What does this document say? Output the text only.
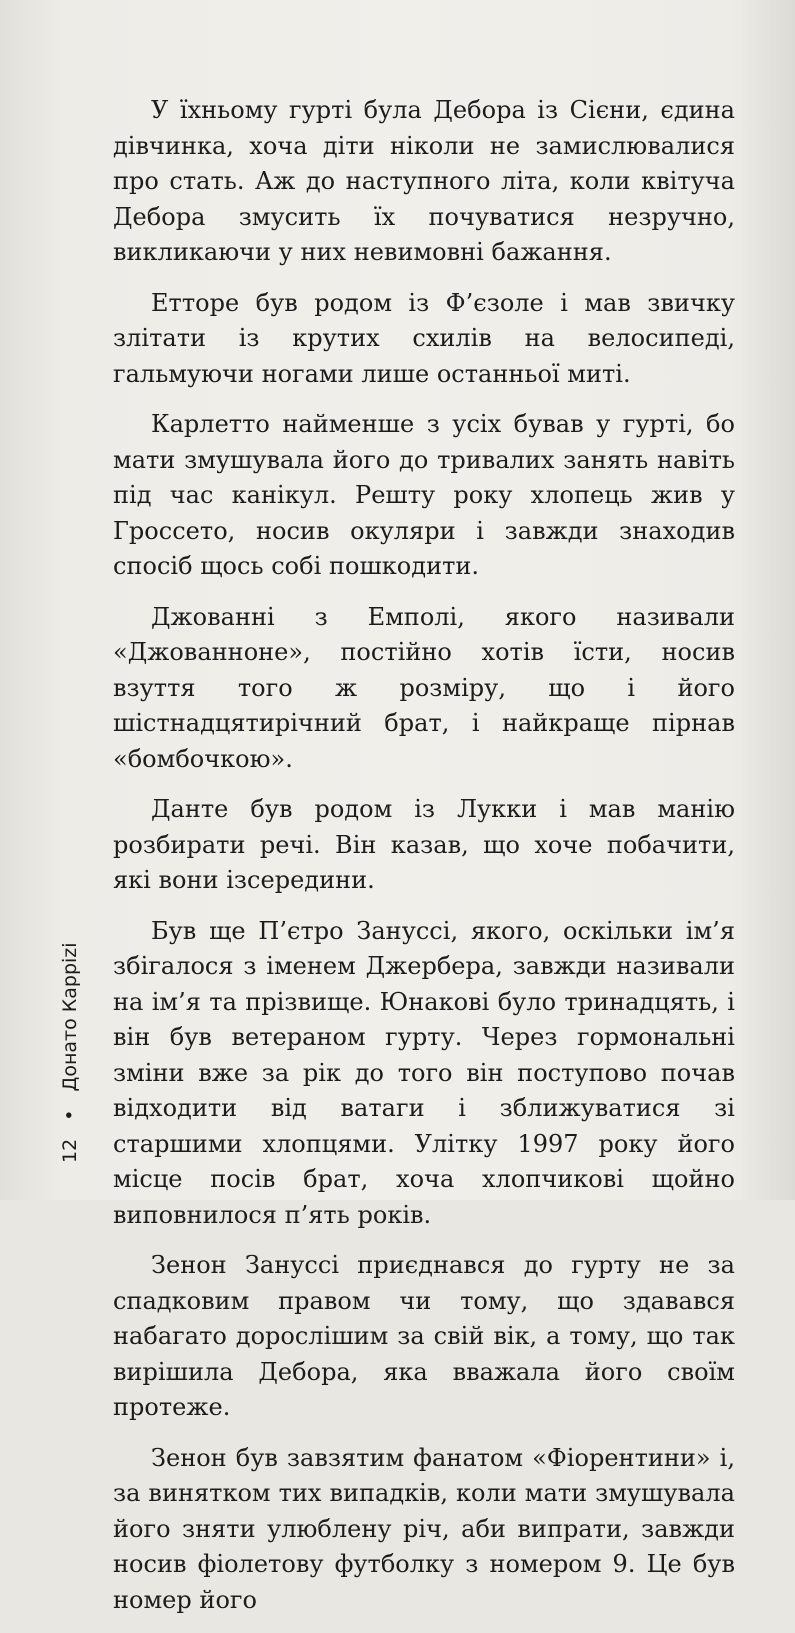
У їхньому гурті була Дебора із Сієни, єдина дівчинка, хоча діти ніколи не замислювалися про стать. Аж до наступного літа, коли квітуча Дебора змусить їх почуватися незручно, викликаючи у них невимовні бажання.

Етторе був родом із Ф’єзоле і мав звичку злітати із крутих схилів на велосипеді, гальмуючи ногами лише останньої миті.

Карлетто найменше з усіх бував у гурті, бо мати змушувала його до тривалих занять навіть під час канікул. Решту року хлопець жив у Гроссето, носив окуляри і завжди знаходив спосіб щось собі пошкодити.

Джованні з Емполі, якого називали «Джованноне», постійно хотів їсти, носив взуття того ж розміру, що і його шістнадцятирічний брат, і найкраще пірнав «бомбочкою».

Данте був родом із Лукки і мав манію розбирати речі. Він казав, що хоче побачити, які вони ізсередини.

Був ще П’єтро Зануссі, якого, оскільки ім’я збігалося з іменем Джербера, завжди називали на ім’я та прізвище. Юнакові було тринадцять, і він був ветераном гурту. Через гормональні зміни вже за рік до того він поступово почав відходити від ватаги і зближуватися зі старшими хлопцями. Улітку 1997 року його місце посів брат, хоча хлопчикові щойно виповнилося п’ять років.

Зенон Зануссі приєднався до гурту не за спадковим правом чи тому, що здавався набагато дорослішим за свій вік, а тому, що так вирішила Дебора, яка вважала його своїм протеже.

Зенон був завзятим фанатом «Фіорентини» і, за винятком тих випадків, коли мати змушувала його зняти улюблену річ, аби випрати, завжди носив фіолетову футболку з номером 9. Це був номер його

12 • Донато Карріzi
